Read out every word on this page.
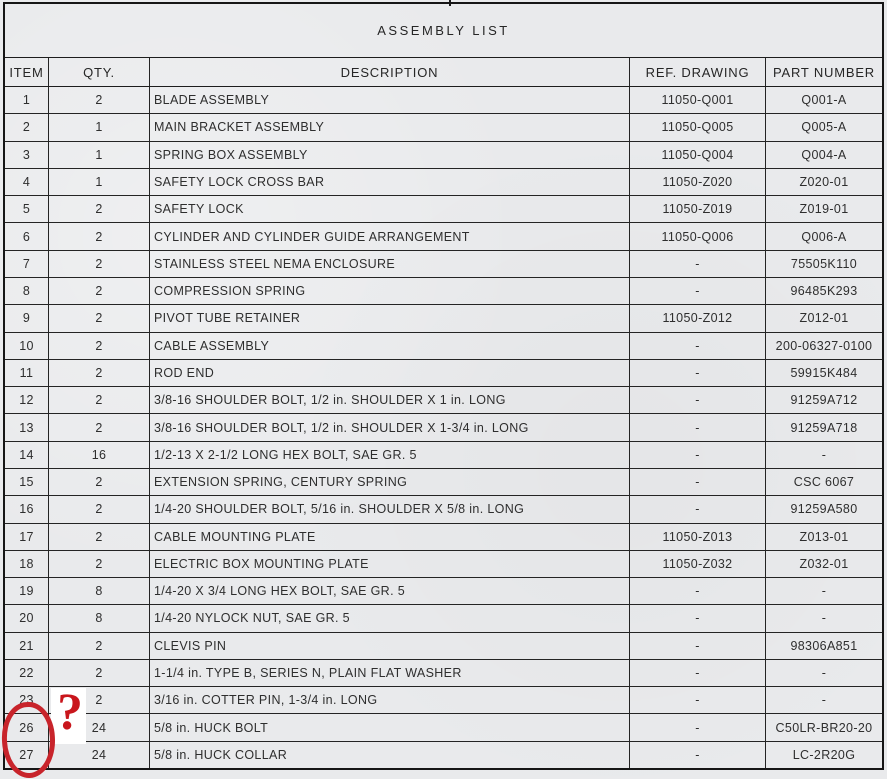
ASSEMBLY LIST
ITEM	QTY.	DESCRIPTION	REF. DRAWING	PART NUMBER
1	2	BLADE ASSEMBLY	11050-Q001	Q001-A
2	1	MAIN BRACKET ASSEMBLY	11050-Q005	Q005-A
3	1	SPRING BOX ASSEMBLY	11050-Q004	Q004-A
4	1	SAFETY LOCK CROSS BAR	11050-Z020	Z020-01
5	2	SAFETY LOCK	11050-Z019	Z019-01
6	2	CYLINDER AND CYLINDER GUIDE ARRANGEMENT	11050-Q006	Q006-A
7	2	STAINLESS STEEL NEMA ENCLOSURE	-	75505K110
8	2	COMPRESSION SPRING	-	96485K293
9	2	PIVOT TUBE RETAINER	11050-Z012	Z012-01
10	2	CABLE ASSEMBLY	-	200-06327-0100
11	2	ROD END	-	59915K484
12	2	3/8-16 SHOULDER BOLT, 1/2 in. SHOULDER X 1 in. LONG	-	91259A712
13	2	3/8-16 SHOULDER BOLT, 1/2 in. SHOULDER X 1-3/4 in. LONG	-	91259A718
14	16	1/2-13 X 2-1/2 LONG HEX BOLT, SAE GR. 5	-	-
15	2	EXTENSION SPRING, CENTURY SPRING	-	CSC 6067
16	2	1/4-20 SHOULDER BOLT, 5/16 in. SHOULDER X 5/8 in. LONG	-	91259A580
17	2	CABLE MOUNTING PLATE	11050-Z013	Z013-01
18	2	ELECTRIC BOX MOUNTING PLATE	11050-Z032	Z032-01
19	8	1/4-20 X 3/4 LONG HEX BOLT, SAE GR. 5	-	-
20	8	1/4-20 NYLOCK NUT, SAE GR. 5	-	-
21	2	CLEVIS PIN	-	98306A851
22	2	1-1/4 in. TYPE B, SERIES N, PLAIN FLAT WASHER	-	-
23	2	3/16 in. COTTER PIN, 1-3/4 in. LONG	-	-
26	24	5/8 in. HUCK BOLT	-	C50LR-BR20-20
27	24	5/8 in. HUCK COLLAR	-	LC-2R20G
?
